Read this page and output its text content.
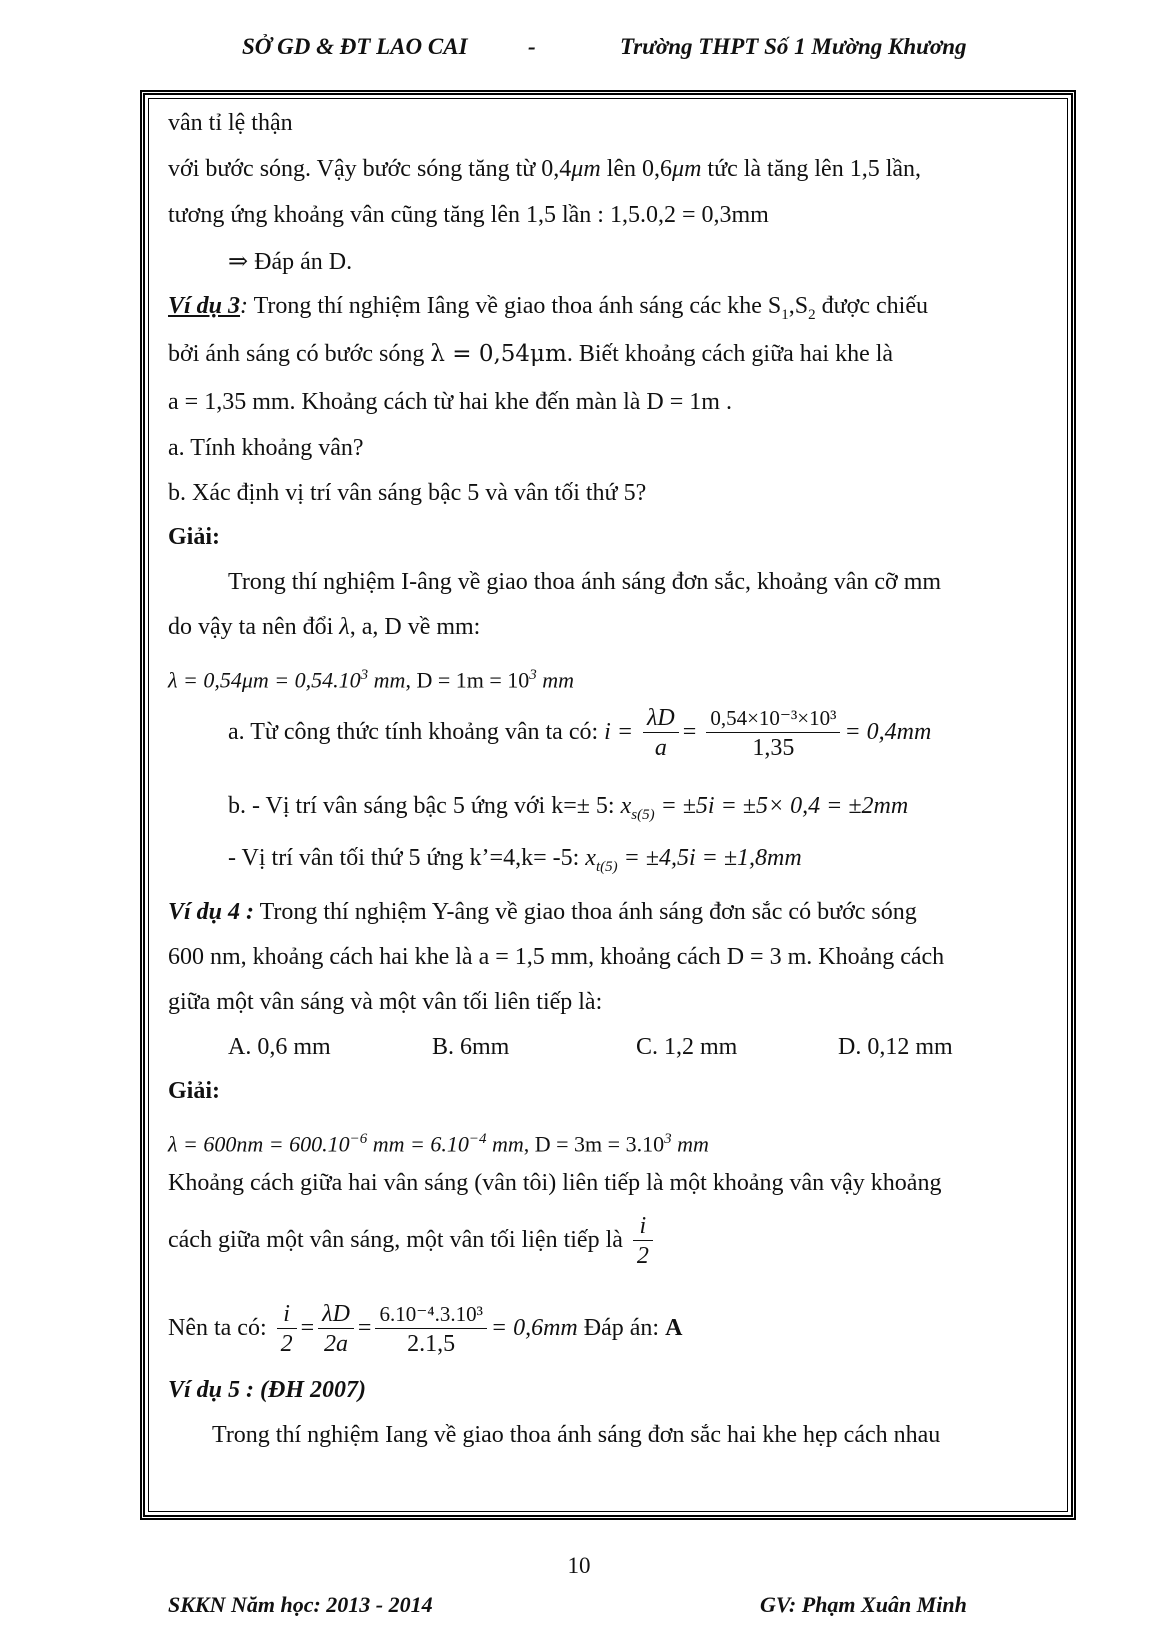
SỞ GD & ĐT LAO CAI	-	Trường THPT Số 1 Mường Khương
vân tỉ lệ thận
với bước sóng. Vậy bước sóng tăng từ 0,4μm lên 0,6μm tức là tăng lên 1,5 lần,
tương ứng khoảng vân cũng tăng lên 1,5 lần : 1,5.0,2 = 0,3mm
⇒ Đáp án D.
Ví dụ 3: Trong thí nghiệm Iâng về giao thoa ánh sáng các khe $S_1,S_2$ được chiếu
bởi ánh sáng có bước sóng λ = 0,54μm. Biết khoảng cách giữa hai khe là
a = 1,35 mm. Khoảng cách từ hai khe đến màn là D = 1m .
a. Tính khoảng vân?
b. Xác định vị trí vân sáng bậc 5 và vân tối thứ 5?
Giải:
Trong thí nghiệm I-âng về giao thoa ánh sáng đơn sắc, khoảng vân cỡ mm
do vậy ta nên đổi λ, a, D về mm:
$\lambda = 0,54\mu m = 0,54.10^3$ mm, $D = 1m = 10^3$ mm
a. Từ công thức tính khoảng vân ta có: $i = \frac{\lambda D}{a} = \frac{\text{0,54×10⁻³×10³}}{1,35} = 0,4mm$
b. - Vị trí vân sáng bậc 5 ứng với k=± 5: $x_{s(5)} = \pm 5i = \pm 5\times 0,4 = \pm 2mm$
- Vị trí vân tối thứ 5 ứng k’=4,k= -5: $x_{t(5)} = \pm 4,5i = \pm 1,8mm$
Ví dụ 4 : Trong thí nghiệm Y-âng về giao thoa ánh sáng đơn sắc có bước sóng
600 nm, khoảng cách hai khe là a = 1,5 mm, khoảng cách D = 3 m. Khoảng cách
giữa một vân sáng và một vân tối liên tiếp là:
A. 0,6 mm	B. 6mm	C. 1,2 mm	D. 0,12 mm
Giải:
$\lambda = 600nm = 600.10^{-6}$ mm = $6.10^{-4}$ mm, $D = 3m = 3.10^3$ mm
Khoảng cách giữa hai vân sáng (vân tôi) liên tiếp là một khoảng vân vậy khoảng
cách giữa một vân sáng, một vân tối liện tiếp là $\frac{i}{2}$
Nên ta có: $\frac{i}{2} = \frac{\lambda D}{2a} = \frac{\text{6.10⁻⁴.3.10³}}{2.1,5} = 0,6mm$ Đáp án: A
Ví dụ 5 : (ĐH 2007)
Trong thí nghiệm Iang về giao thoa ánh sáng đơn sắc hai khe hẹp cách nhau
10
SKKN Năm học: 2013 - 2014	GV: Phạm Xuân Minh
